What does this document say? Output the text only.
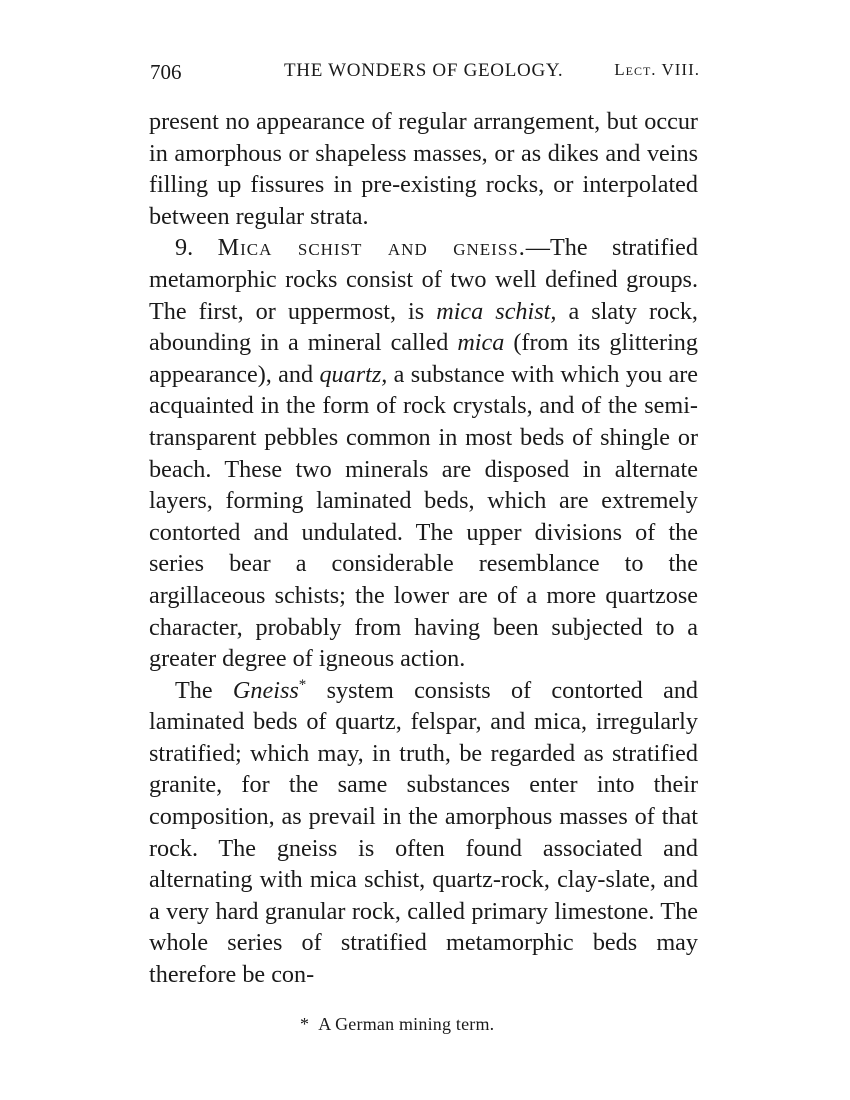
706	THE WONDERS OF GEOLOGY.	Lect. VIII.

present no appearance of regular arrangement, but occur in amorphous or shapeless masses, or as dikes and veins filling up fissures in pre-existing rocks, or interpolated between regular strata.

9. Mica schist and gneiss.—The stratified metamorphic rocks consist of two well defined groups. The first, or uppermost, is mica schist, a slaty rock, abounding in a mineral called mica (from its glittering appearance), and quartz, a substance with which you are acquainted in the form of rock crystals, and of the semi-transparent pebbles common in most beds of shingle or beach. These two minerals are disposed in alternate layers, forming laminated beds, which are extremely contorted and undulated. The upper divisions of the series bear a considerable resemblance to the argillaceous schists; the lower are of a more quartzose character, probably from having been subjected to a greater degree of igneous action.

The Gneiss* system consists of contorted and laminated beds of quartz, felspar, and mica, irregularly stratified; which may, in truth, be regarded as stratified granite, for the same substances enter into their composition, as prevail in the amorphous masses of that rock. The gneiss is often found associated and alternating with mica schist, quartz-rock, clay-slate, and a very hard granular rock, called primary limestone. The whole series of stratified metamorphic beds may therefore be con-

* A German mining term.
